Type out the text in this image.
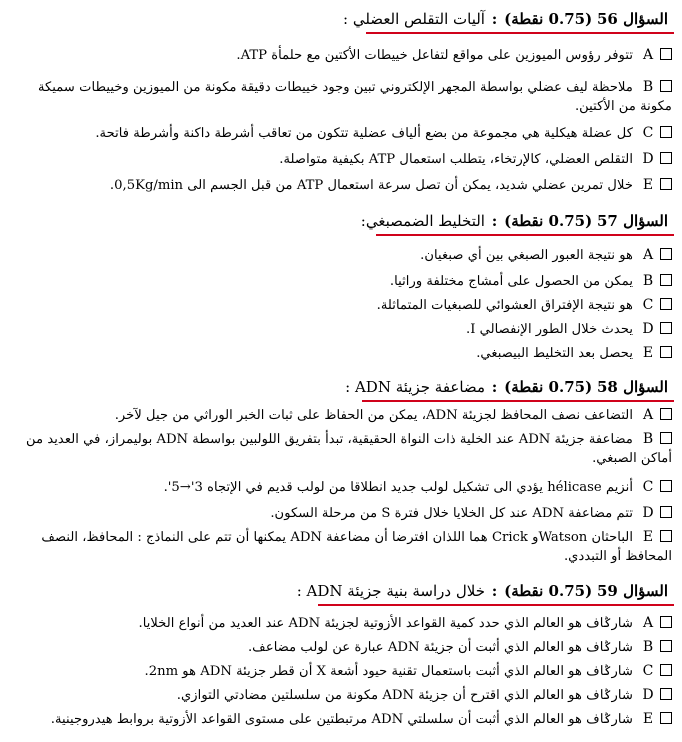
السؤال 56 (0.75 نقطة) : آليات التقلص العضلي :
Aتتوفر رؤوس الميوزين على مواقع لتفاعل خييطات الأكتين مع حلمأة ATP.
Bملاحظة ليف عضلي بواسطة المجهر الإلكتروني تبين وجود خييطات دقيقة مكونة من الميوزين وخييطات سميكة مكونة من الأكتين.
Cكل عضلة هيكلية هي مجموعة من بضع ألياف عضلية تتكون من تعاقب أشرطة داكنة وأشرطة فاتحة.
Dالتقلص العضلي، كالإرتخاء، يتطلب استعمال ATP بكيفية متواصلة.
Eخلال تمرين عضلي شديد، يمكن أن تصل سرعة استعمال ATP من قبل الجسم الى 0,5Kg/min.
السؤال 57 (0.75 نقطة) : التخليط الضمصبغي:
Aهو نتيجة العبور الصبغي بين أي صبغيان.
Bيمكن من الحصول على أمشاج مختلفة وراثيا.
Cهو نتيجة الإفتراق العشوائي للصبغيات المتماثلة.
Dيحدث خلال الطور الإنفصالي I.
Eيحصل بعد التخليط البيصبغي.
السؤال 58 (0.75 نقطة) : مضاعفة جزيئة ADN :
Aالتضاعف نصف المحافظ لجزيئة ADN، يمكن من الحفاظ على ثبات الخبر الوراثي من جيل لآخر.
Bمضاعفة جزيئة ADN عند الخلية ذات النواة الحقيقية، تبدأ بتفريق اللولبين بواسطة ADN بوليمراز، في العديد من أماكن الصبغي.
Cأنزيم hélicase يؤدي الى تشكيل لولب جديد انطلاقا من لولب قديم في الإتجاه 3'→5'.
Dتتم مضاعفة ADN عند كل الخلايا خلال فترة S من مرحلة السكون.
Eالباحثان Watsonو Crick هما اللذان افترضا أن مضاعفة ADN يمكنها أن تتم على النماذج : المحافظ، النصف المحافظ أو التبددي.
السؤال 59 (0.75 نقطة) : خلال دراسة بنية جزيئة ADN :
Aشارݣاف هو العالم الذي حدد كمية القواعد الأزوتية لجزيئة ADN عند العديد من أنواع الخلايا.
Bشارݣاف هو العالم الذي أثبت أن جزيئة ADN عبارة عن لولب مضاعف.
Cشارݣاف هو العالم الذي أثبت باستعمال تقنية حيود أشعة X أن قطر جزيئة ADN هو 2nm.
Dشارݣاف هو العالم الذي اقترح أن جزيئة ADN مكونة من سلسلتين مضادتي التوازي.
Eشارݣاف هو العالم الذي أثبت أن سلسلتي ADN مرتبطتين على مستوى القواعد الأزوتية بروابط هيدروجينية.
